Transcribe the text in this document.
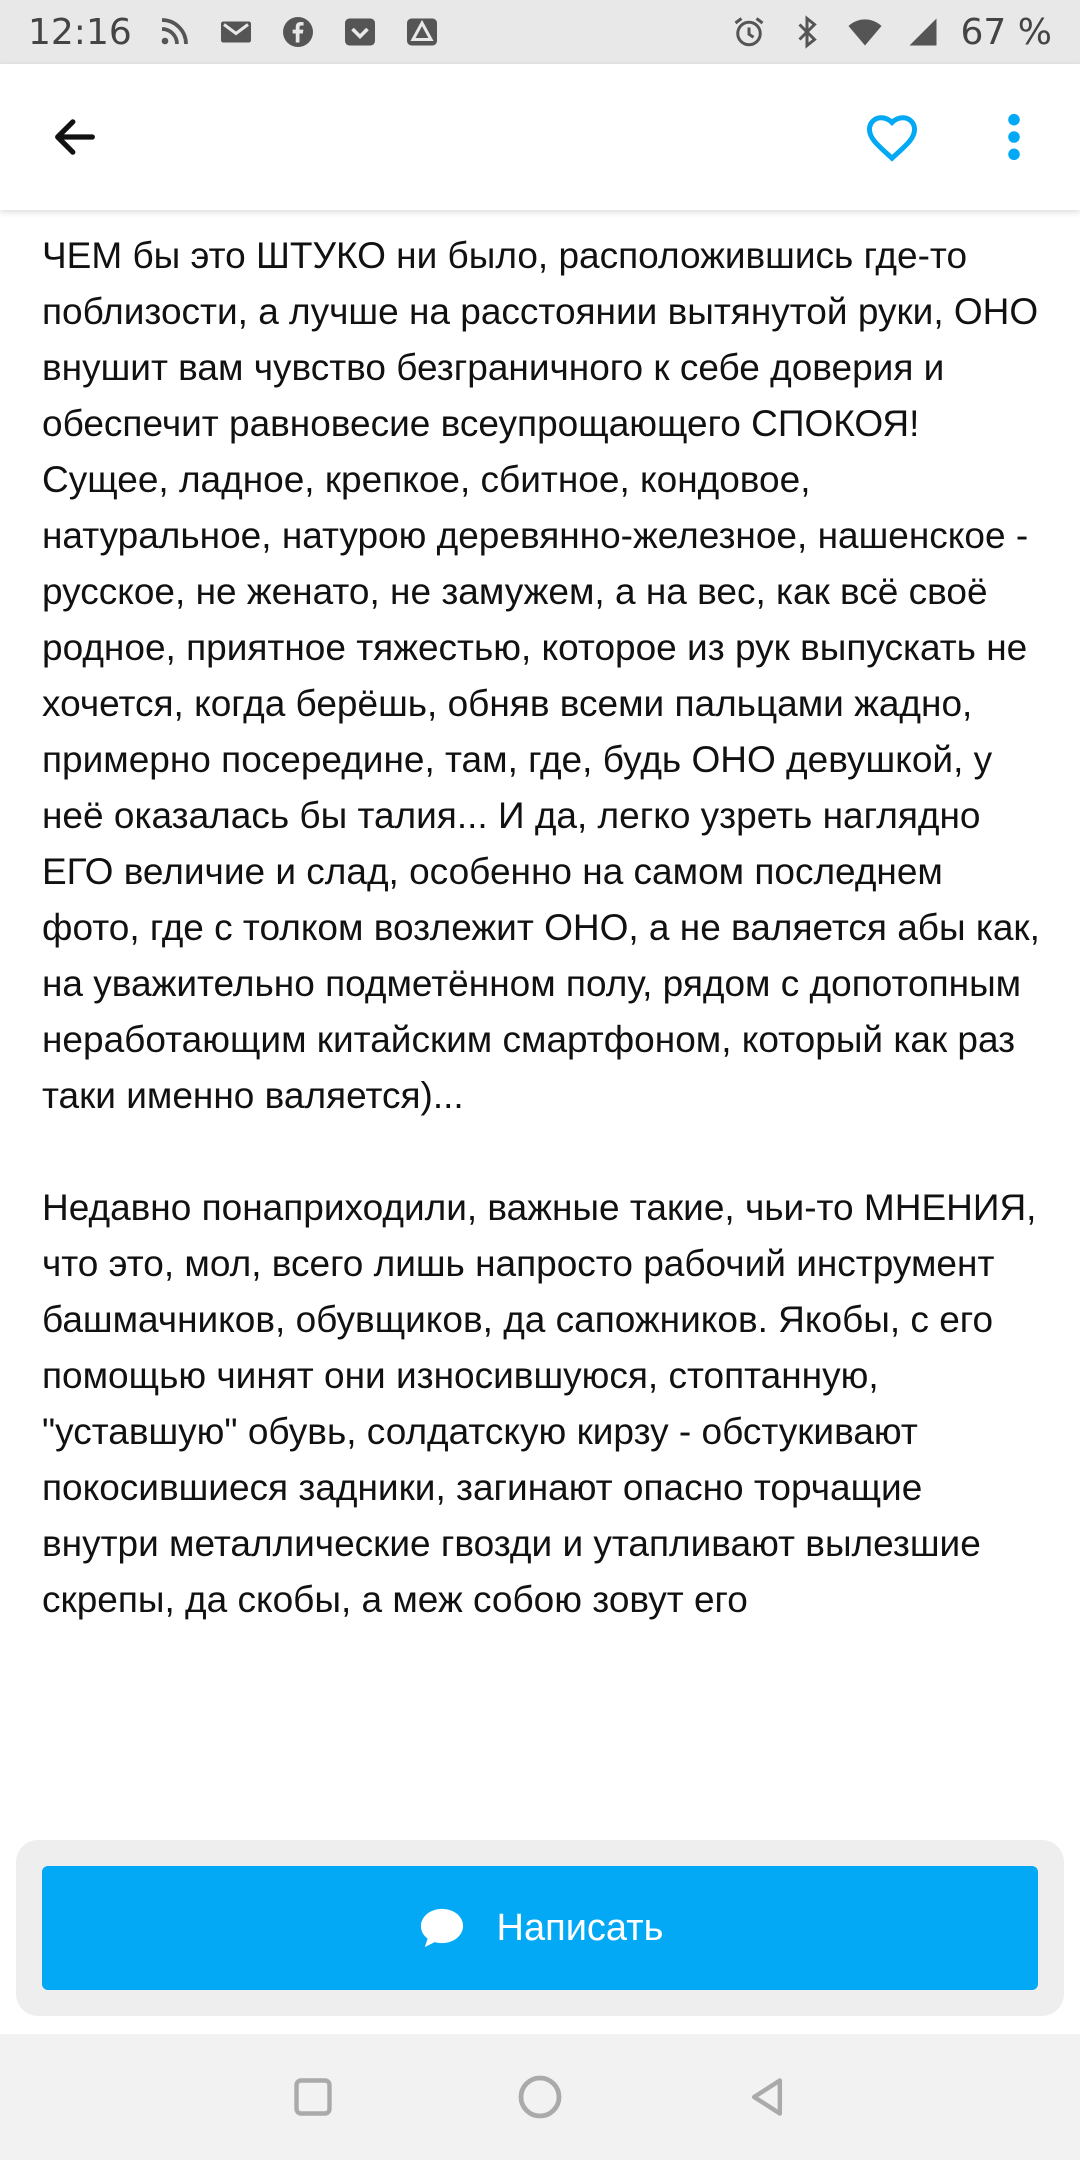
12:16	67 %

ЧЕМ бы это ШТУКО ни было, расположившись где-то поблизости, а лучше на расстоянии вытянутой руки, ОНО внушит вам чувство безграничного к себе доверия и обеспечит равновесие всеупрощающего СПОКОЯ! Сущее, ладное, крепкое, сбитное, кондовое, натуральное, натурою деревянно-железное, нашенское - русское, не женато, не замужем, а на вес, как всё своё родное, приятное тяжестью, которое из рук выпускать не хочется, когда берёшь, обняв всеми пальцами жадно, примерно посередине, там, где, будь ОНО девушкой, у неё оказалась бы талия... И да, легко узреть наглядно ЕГО величие и слад, особенно на самом последнем фото, где с толком возлежит ОНО, а не валяется абы как, на уважительно подметённом полу, рядом с допотопным неработающим китайским смартфоном, который как раз таки именно валяется)...

Недавно понаприходили, важные такие, чьи-то МНЕНИЯ, что это, мол, всего лишь напросто рабочий инструмент башмачников, обувщиков, да сапожников. Якобы, с его помощью чинят они износившуюся, стоптанную, "уставшую" обувь, солдатскую кирзу - обстукивают покосившиеся задники, загинают опасно торчащие внутри металлические гвозди и утапливают вылезшие скрепы, да скобы, а меж собою зовут его

Написать
